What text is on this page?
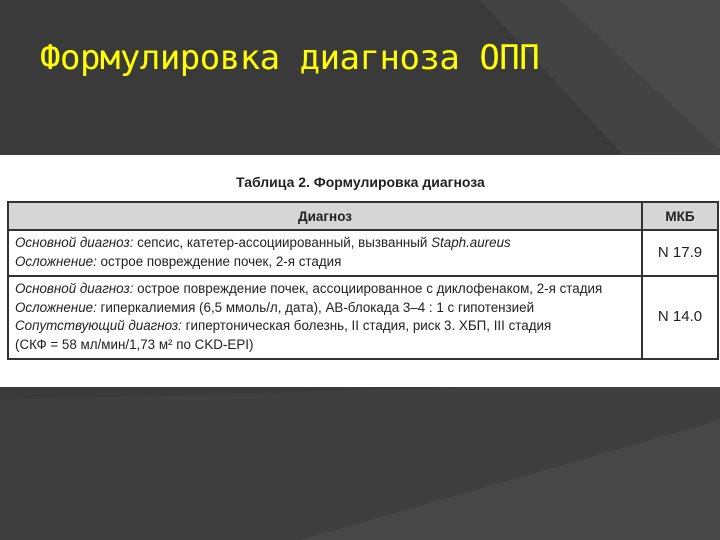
Формулировка диагноза ОПП
Таблица 2. Формулировка диагноза
Диагноз	МКБ

Основной диагноз: сепсис, катетер-ассоциированный, вызванный Staph.aureus
Осложнение: острое повреждение почек, 2-я стадия	N 17.9

Основной диагноз: острое повреждение почек, ассоциированное с диклофенаком, 2-я стадия
Осложнение: гиперкалиемия (6,5 ммоль/л, дата), АВ-блокада 3–4 : 1 с гипотензией
Сопутствующий диагноз: гипертоническая болезнь, II стадия, риск 3. ХБП, III стадия
(СКФ = 58 мл/мин/1,73 м² по CKD-EPI)	N 14.0
